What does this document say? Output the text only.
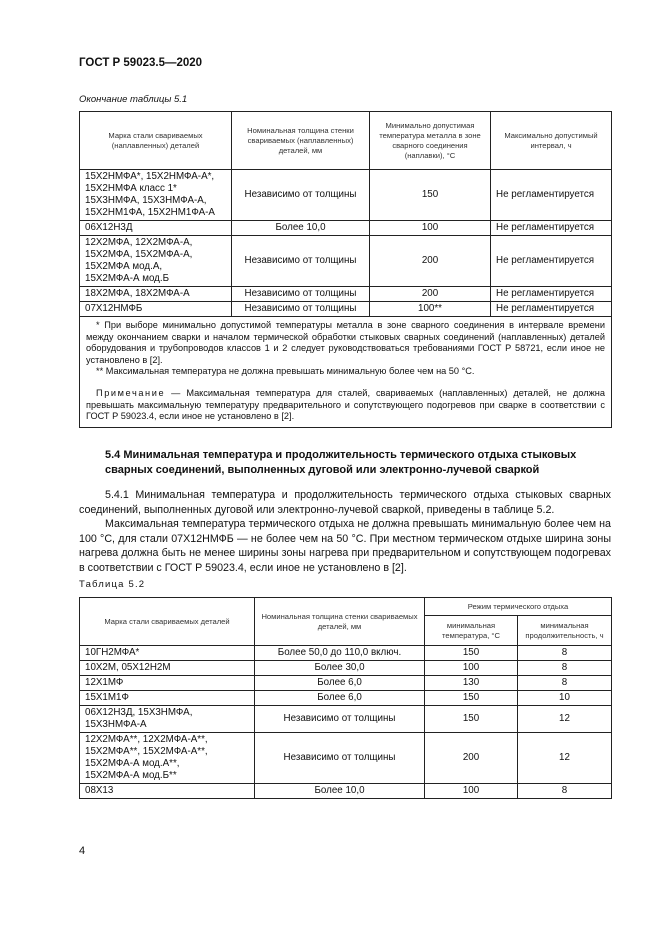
ГОСТ Р 59023.5—2020
Окончание таблицы 5.1
Марка стали свариваемых (наплавленных) деталей	Номинальная толщина стенки свариваемых (наплавленных) деталей, мм	Минимально допустимая температура металла в зоне сварного соединения (наплавки), °С	Максимально допустимый интервал, ч

15Х2НМФА*, 15Х2НМФА-А*,
15Х2НМФА класс 1*
15Х3НМФА, 15Х3НМФА-А,
15Х2НМ1ФА, 15Х2НМ1ФА-А	Независимо от толщины	150	Не регламентируется

06Х12Н3Д	Более 10,0	100	Не регламентируется

12Х2МФА, 12Х2МФА-А,
15Х2МФА, 15Х2МФА-А,
15Х2МФА мод.А,
15Х2МФА-А мод.Б	Независимо от толщины	200	Не регламентируется

18Х2МФА, 18Х2МФА-А	Независимо от толщины	200	Не регламентируется

07Х12НМФБ	Независимо от толщины	100**	Не регламентируется

* При выборе минимально допустимой температуры металла в зоне сварного соединения в интервале времени между окончанием сварки и началом термической обработки стыковых сварных соединений (наплавленных) деталей оборудования и трубопроводов классов 1 и 2 следует руководствоваться требованиями ГОСТ Р 58721, если иное не установлено в [2].

** Максимальная температура не должна превышать минимальную более чем на 50 °С.

Примечание — Максимальная температура для сталей, свариваемых (наплавленных) деталей, не должна превышать максимальную температуру предварительного и сопутствующего подогревов при сварке в соответствии с ГОСТ Р 59023.4, если иное не установлено в [2].			

5.4 Минимальная температура и продолжительность термического отдыха стыковых сварных соединений, выполненных дуговой или электронно-лучевой сваркой
5.4.1 Минимальная температура и продолжительность термического отдыха стыковых сварных соединений, выполненных дуговой или электронно-лучевой сваркой, приведены в таблице 5.2.
Максимальная температура термического отдыха не должна превышать минимальную более чем на 100 °С, для стали 07Х12НМФБ — не более чем на 50 °С. При местном термическом отдыхе ширина зоны нагрева должна быть не менее ширины зоны нагрева при предварительном и сопутствующем подогревах в соответствии с ГОСТ Р 59023.4, если иное не установлено в [2].
Таблица 5.2
Марка стали свариваемых деталей	Номинальная толщина стенки свариваемых деталей, мм	Режим термического отдыха	
		минимальная температура, °С	минимальная продолжительность, ч

10ГН2МФА*	Более 50,0 до 110,0 включ.	150	8

10Х2М, 05Х12Н2М	Более 30,0	100	8

12Х1МФ	Более 6,0	130	8

15Х1М1Ф	Более 6,0	150	10

06Х12Н3Д, 15Х3НМФА,
15Х3НМФА-А	Независимо от толщины	150	12

12Х2МФА**, 12Х2МФА-А**,
15Х2МФА**, 15Х2МФА-А**,
15Х2МФА-А мод.А**,
15Х2МФА-А мод.Б**	Независимо от толщины	200	12

08Х13	Более 10,0	100	8
4
